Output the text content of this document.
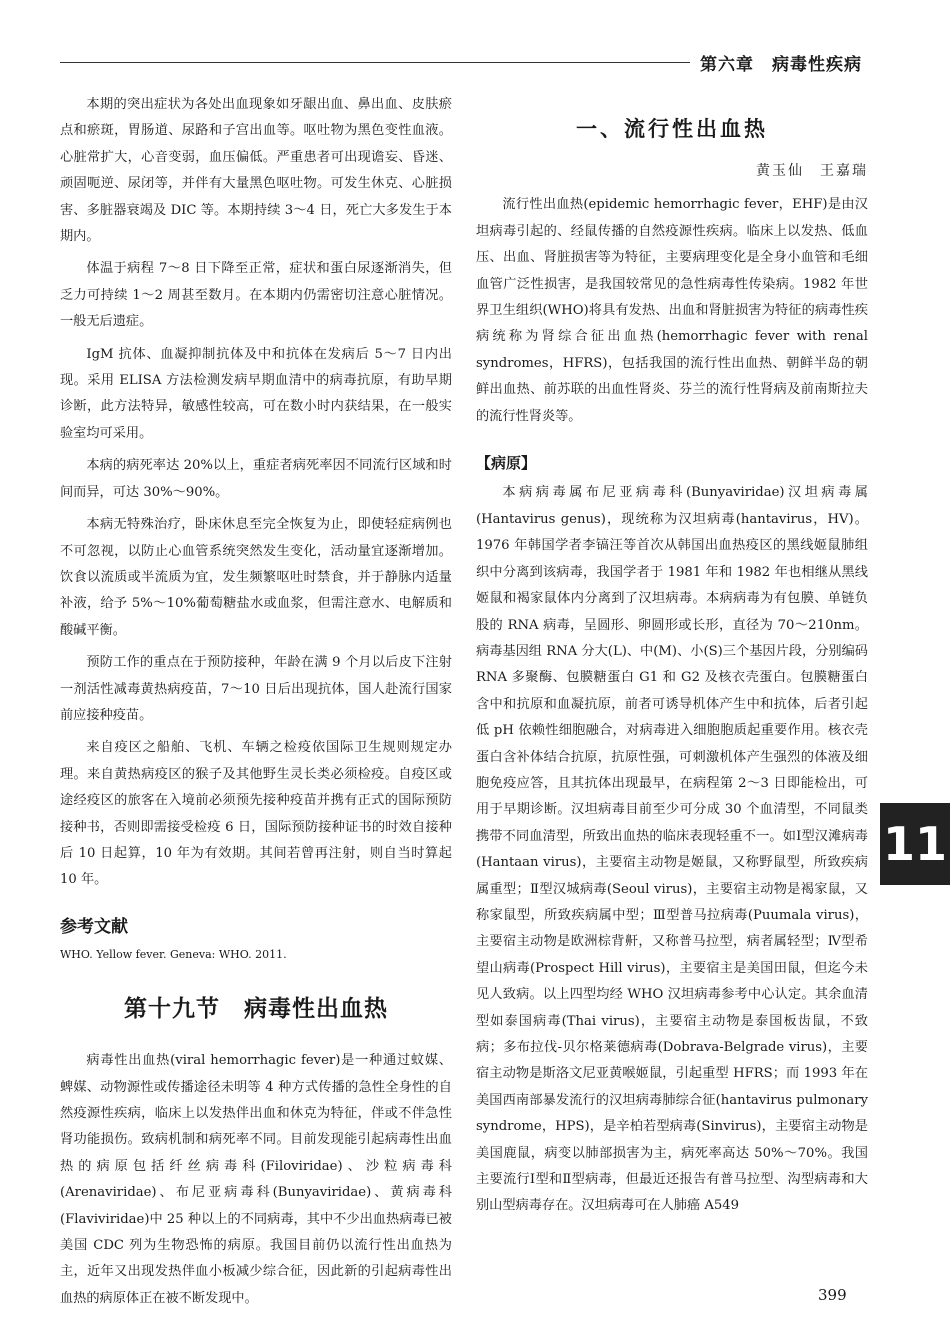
第六章　病毒性疾病

本期的突出症状为各处出血现象如牙龈出血、鼻出血、皮肤瘀点和瘀斑，胃肠道、尿路和子宫出血等。呕吐物为黑色变性血液。心脏常扩大，心音变弱，血压偏低。严重患者可出现谵妄、昏迷、顽固呃逆、尿闭等，并伴有大量黑色呕吐物。可发生休克、心脏损害、多脏器衰竭及 DIC 等。本期持续 3～4 日，死亡大多发生于本期内。

体温于病程 7～8 日下降至正常，症状和蛋白尿逐渐消失，但乏力可持续 1～2 周甚至数月。在本期内仍需密切注意心脏情况。一般无后遗症。

IgM 抗体、血凝抑制抗体及中和抗体在发病后 5～7 日内出现。采用 ELISA 方法检测发病早期血清中的病毒抗原，有助早期诊断，此方法特异，敏感性较高，可在数小时内获结果，在一般实验室均可采用。

本病的病死率达 20%以上，重症者病死率因不同流行区域和时间而异，可达 30%～90%。

本病无特殊治疗，卧床休息至完全恢复为止，即使轻症病例也不可忽视，以防止心血管系统突然发生变化，活动量宜逐渐增加。饮食以流质或半流质为宜，发生频繁呕吐时禁食，并于静脉内适量补液，给予 5%～10%葡萄糖盐水或血浆，但需注意水、电解质和酸碱平衡。

预防工作的重点在于预防接种，年龄在满 9 个月以后皮下注射一剂活性减毒黄热病疫苗，7～10 日后出现抗体，国人赴流行国家前应接种疫苗。

来自疫区之船舶、飞机、车辆之检疫依国际卫生规则规定办理。来自黄热病疫区的猴子及其他野生灵长类必须检疫。自疫区或途经疫区的旅客在入境前必须预先接种疫苗并携有正式的国际预防接种书，否则即需接受检疫 6 日，国际预防接种证书的时效自接种后 10 日起算，10 年为有效期。其间若曾再注射，则自当时算起 10 年。

参考文献
WHO. Yellow fever. Geneva: WHO. 2011.
第十九节　病毒性出血热

病毒性出血热(viral hemorrhagic fever)是一种通过蚊媒、蜱媒、动物源性或传播途径未明等 4 种方式传播的急性全身性的自然疫源性疾病，临床上以发热伴出血和休克为特征，伴或不伴急性肾功能损伤。致病机制和病死率不同。目前发现能引起病毒性出血热的病原包括纤丝病毒科(Filoviridae)、沙粒病毒科(Arenaviridae)、布尼亚病毒科(Bunyaviridae)、黄病毒科(Flaviviridae)中 25 种以上的不同病毒，其中不少出血热病毒已被美国 CDC 列为生物恐怖的病原。我国目前仍以流行性出血热为主，近年又出现发热伴血小板减少综合征，因此新的引起病毒性出血热的病原体正在被不断发现中。

一、流行性出血热
黄玉仙　王嘉瑞

流行性出血热(epidemic hemorrhagic fever，EHF)是由汉坦病毒引起的、经鼠传播的自然疫源性疾病。临床上以发热、低血压、出血、肾脏损害等为特征，主要病理变化是全身小血管和毛细血管广泛性损害，是我国较常见的急性病毒性传染病。1982 年世界卫生组织(WHO)将具有发热、出血和肾脏损害为特征的病毒性疾病统称为肾综合征出血热(hemorrhagic fever with renal syndromes，HFRS)，包括我国的流行性出血热、朝鲜半岛的朝鲜出血热、前苏联的出血性肾炎、芬兰的流行性肾病及前南斯拉夫的流行性肾炎等。

【病原】

本病病毒属布尼亚病毒科(Bunyaviridae)汉坦病毒属(Hantavirus genus)，现统称为汉坦病毒(hantavirus，HV)。1976 年韩国学者李镐汪等首次从韩国出血热疫区的黑线姬鼠肺组织中分离到该病毒，我国学者于 1981 年和 1982 年也相继从黑线姬鼠和褐家鼠体内分离到了汉坦病毒。本病病毒为有包膜、单链负股的 RNA 病毒，呈圆形、卵圆形或长形，直径为 70～210nm。病毒基因组 RNA 分大(L)、中(M)、小(S)三个基因片段，分别编码 RNA 多聚酶、包膜糖蛋白 G1 和 G2 及核衣壳蛋白。包膜糖蛋白含中和抗原和血凝抗原，前者可诱导机体产生中和抗体，后者引起低 pH 依赖性细胞融合，对病毒进入细胞胞质起重要作用。核衣壳蛋白含补体结合抗原，抗原性强，可刺激机体产生强烈的体液及细胞免疫应答，且其抗体出现最早，在病程第 2～3 日即能检出，可用于早期诊断。汉坦病毒目前至少可分成 30 个血清型，不同鼠类携带不同血清型，所致出血热的临床表现轻重不一。如Ⅰ型汉滩病毒(Hantaan virus)，主要宿主动物是姬鼠，又称野鼠型，所致疾病属重型；Ⅱ型汉城病毒(Seoul virus)，主要宿主动物是褐家鼠，又称家鼠型，所致疾病属中型；Ⅲ型普马拉病毒(Puumala virus)，主要宿主动物是欧洲棕背鼾，又称普马拉型，病者属轻型；Ⅳ型希望山病毒(Prospect Hill virus)，主要宿主是美国田鼠，但迄今未见人致病。以上四型均经 WHO 汉坦病毒参考中心认定。其余血清型如泰国病毒(Thai virus)，主要宿主动物是泰国板齿鼠，不致病；多布拉伐-贝尔格莱德病毒(Dobrava-Belgrade virus)，主要宿主动物是斯洛文尼亚黄喉姬鼠，引起重型 HFRS；而 1993 年在美国西南部暴发流行的汉坦病毒肺综合征(hantavirus pulmonary syndrome，HPS)，是辛柏若型病毒(Sinvirus)，主要宿主动物是美国鹿鼠，病变以肺部损害为主，病死率高达 50%～70%。我国主要流行Ⅰ型和Ⅱ型病毒，但最近还报告有普马拉型、沟型病毒和大别山型病毒存在。汉坦病毒可在人肺癌 A549

11
399
